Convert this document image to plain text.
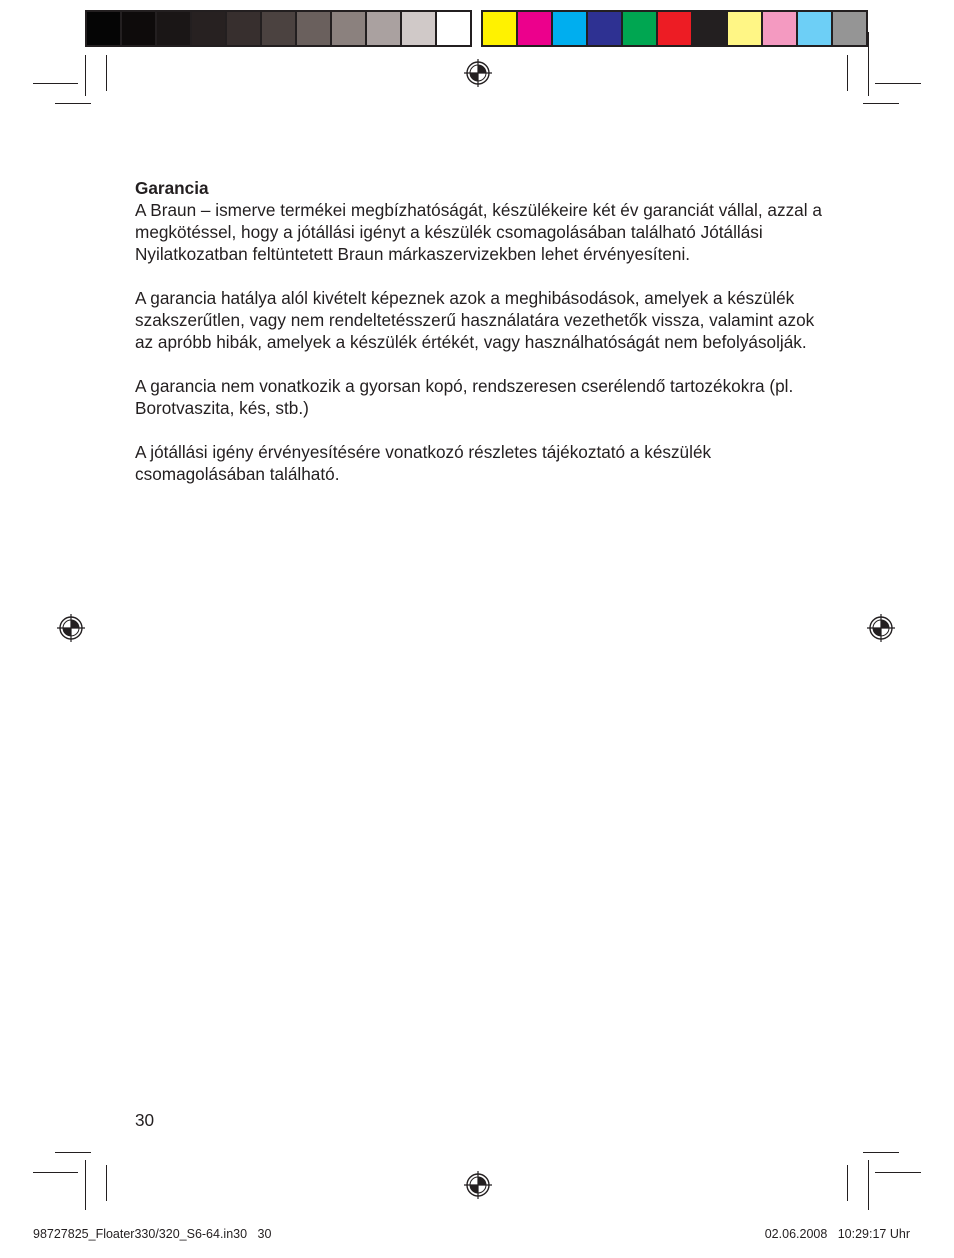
Garancia

A Braun – ismerve termékei megbízhatóságát, készülékeire két év garanciát vállal, azzal a megkötéssel, hogy a jótállási igényt a készülék csomagolásában található Jótállási Nyilatkozatban feltüntetett Braun márkaszervizekben lehet érvényesíteni.

A garancia hatálya alól kivételt képeznek azok a meghibásodások, amelyek a készülék szakszerűtlen, vagy nem rendeltetésszerű használatára vezethetők vissza, valamint azok az apróbb hibák, amelyek a készülék értékét, vagy használhatóságát nem befolyásolják.

A garancia nem vonatkozik a gyorsan kopó, rendszeresen cserélendő tartozékokra (pl. Borotvaszita, kés, stb.)

A jótállási igény érvényesítésére vonatkozó részletes tájékoztató a készülék csomagolásában található.

30
98727825_Floater330/320_S6-64.in30   30	02.06.2008   10:29:17 Uhr
